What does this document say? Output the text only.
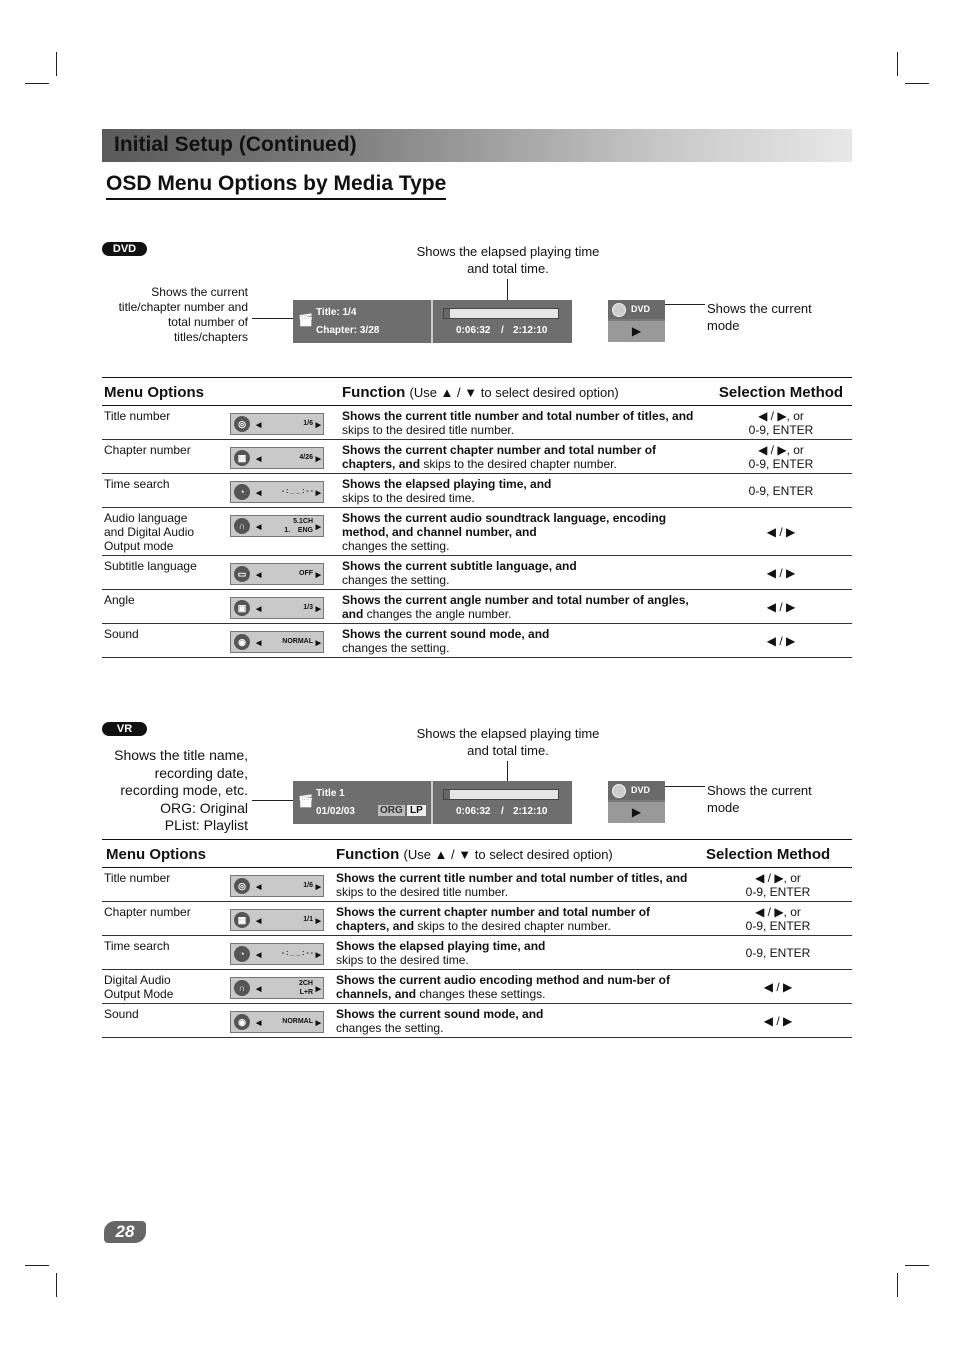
Initial Setup (Continued)
OSD Menu Options by Media Type
DVD	Shows the elapsed playing time
and total time.
Shows the current
title/chapter number and
total number of
titles/chapters
🎬︎
Title: 1/4
Chapter: 3/28	0:06:32 / 2:12:10
DVD
▶
Shows the current
mode
Menu Options		Function (Use ▲ / ▼ to select desired option)	Selection Method
Title number	◎ ◀ 1/6 ▶	Shows the current title number and total number of titles, and skips to the desired title number.	◀ / ▶, or
0-9, ENTER
Chapter number	▦ ◀ 4/26 ▶	Shows the current chapter number and total number of chapters, and skips to the desired chapter number.	◀ / ▶, or
0-9, ENTER
Time search	◔ ◀ - : _ _ : - - ▶	Shows the elapsed playing time, and
skips to the desired time.	0-9, ENTER
Audio language
and Digital Audio
Output mode	∩ ◀
5.1CH
1.    ENG ▶	Shows the current audio soundtrack language, encoding method, and channel number, and
changes the setting.	◀ / ▶
Subtitle language	▭ ◀ OFF ▶	Shows the current subtitle language, and
changes the setting.	◀ / ▶
Angle	▣ ◀ 1/3 ▶	Shows the current angle number and total number of angles, and changes the angle number.	◀ / ▶
Sound	◉ ◀ NORMAL ▶	Shows the current sound mode, and
changes the setting.	◀ / ▶
VR	Shows the elapsed playing time
and total time.
Shows the title name,
recording date,
recording mode, etc.
ORG: Original
PList: Playlist
🎬︎
Title 1
01/02/03	ORG LP	0:06:32 / 2:12:10
DVD
▶
Shows the current
mode
Menu Options		Function (Use ▲ / ▼ to select desired option)	Selection Method
Title number	◎ ◀ 1/6 ▶	Shows the current title number and total number of titles, and skips to the desired title number.	◀ / ▶, or
0-9, ENTER
Chapter number	▦ ◀ 1/1 ▶	Shows the current chapter number and total number of chapters, and skips to the desired chapter number.	◀ / ▶, or
0-9, ENTER
Time search	◔ ◀ - : _ _ : - - ▶	Shows the elapsed playing time, and
skips to the desired time.	0-9, ENTER
Digital Audio
Output Mode	∩ ◀
2CH
L+R ▶	Shows the current audio encoding method and num-ber of channels, and changes these settings.	◀ / ▶
Sound	◉ ◀ NORMAL ▶	Shows the current sound mode, and
changes the setting.	◀ / ▶
28
